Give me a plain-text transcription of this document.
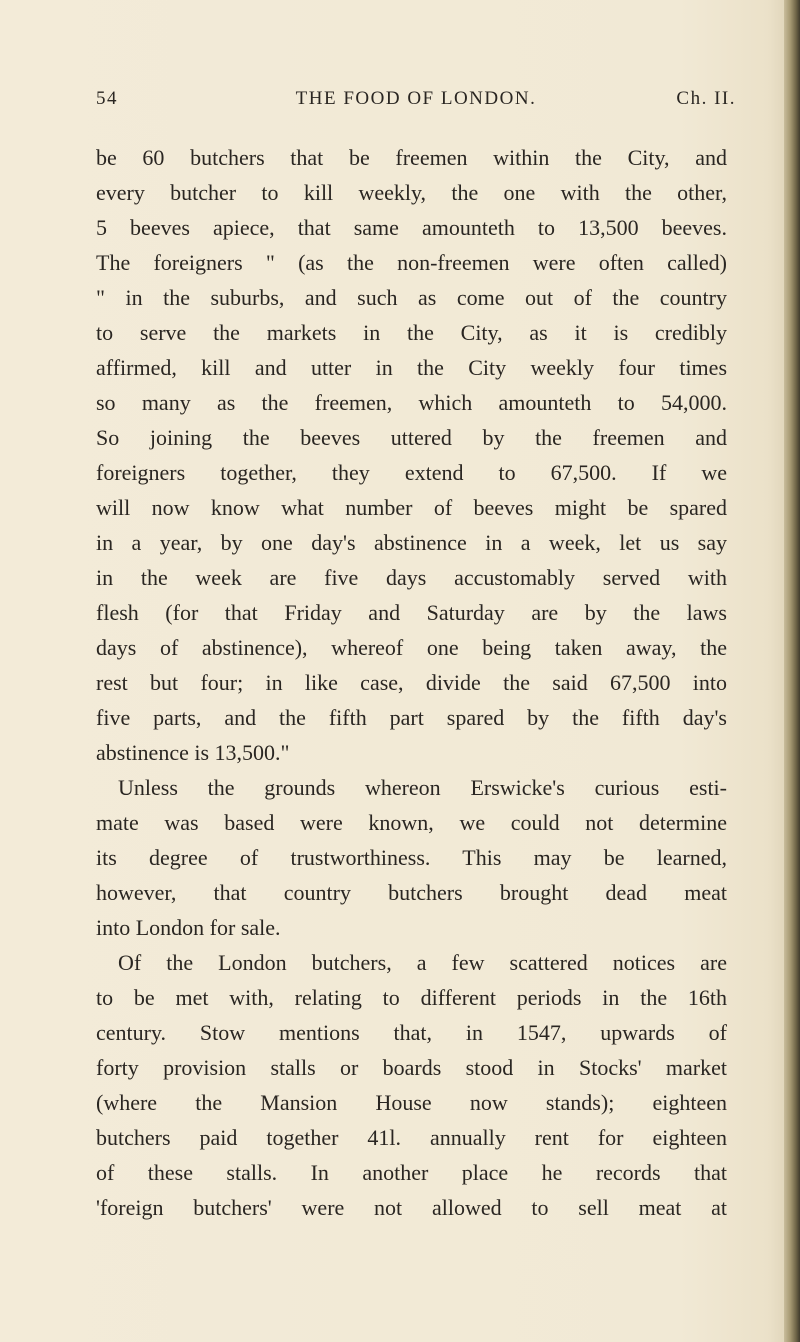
54	THE FOOD OF LONDON.	Ch. II.
be 60 butchers that be freemen within the City, and
every butcher to kill weekly, the one with the other,
5 beeves apiece, that same amounteth to 13,500 beeves.
The foreigners " (as the non-freemen were often called)
" in the suburbs, and such as come out of the country
to serve the markets in the City, as it is credibly
affirmed, kill and utter in the City weekly four times
so many as the freemen, which amounteth to 54,000.
So joining the beeves uttered by the freemen and
foreigners together, they extend to 67,500. If we
will now know what number of beeves might be spared
in a year, by one day's abstinence in a week, let us say
in the week are five days accustomably served with
flesh (for that Friday and Saturday are by the laws
days of abstinence), whereof one being taken away, the
rest but four; in like case, divide the said 67,500 into
five parts, and the fifth part spared by the fifth day's
abstinence is 13,500."
Unless the grounds whereon Erswicke's curious esti-
mate was based were known, we could not determine
its degree of trustworthiness. This may be learned,
however, that country butchers brought dead meat
into London for sale.
Of the London butchers, a few scattered notices are
to be met with, relating to different periods in the 16th
century. Stow mentions that, in 1547, upwards of
forty provision stalls or boards stood in Stocks' market
(where the Mansion House now stands); eighteen
butchers paid together 41l. annually rent for eighteen
of these stalls. In another place he records that
'foreign butchers' were not allowed to sell meat at
